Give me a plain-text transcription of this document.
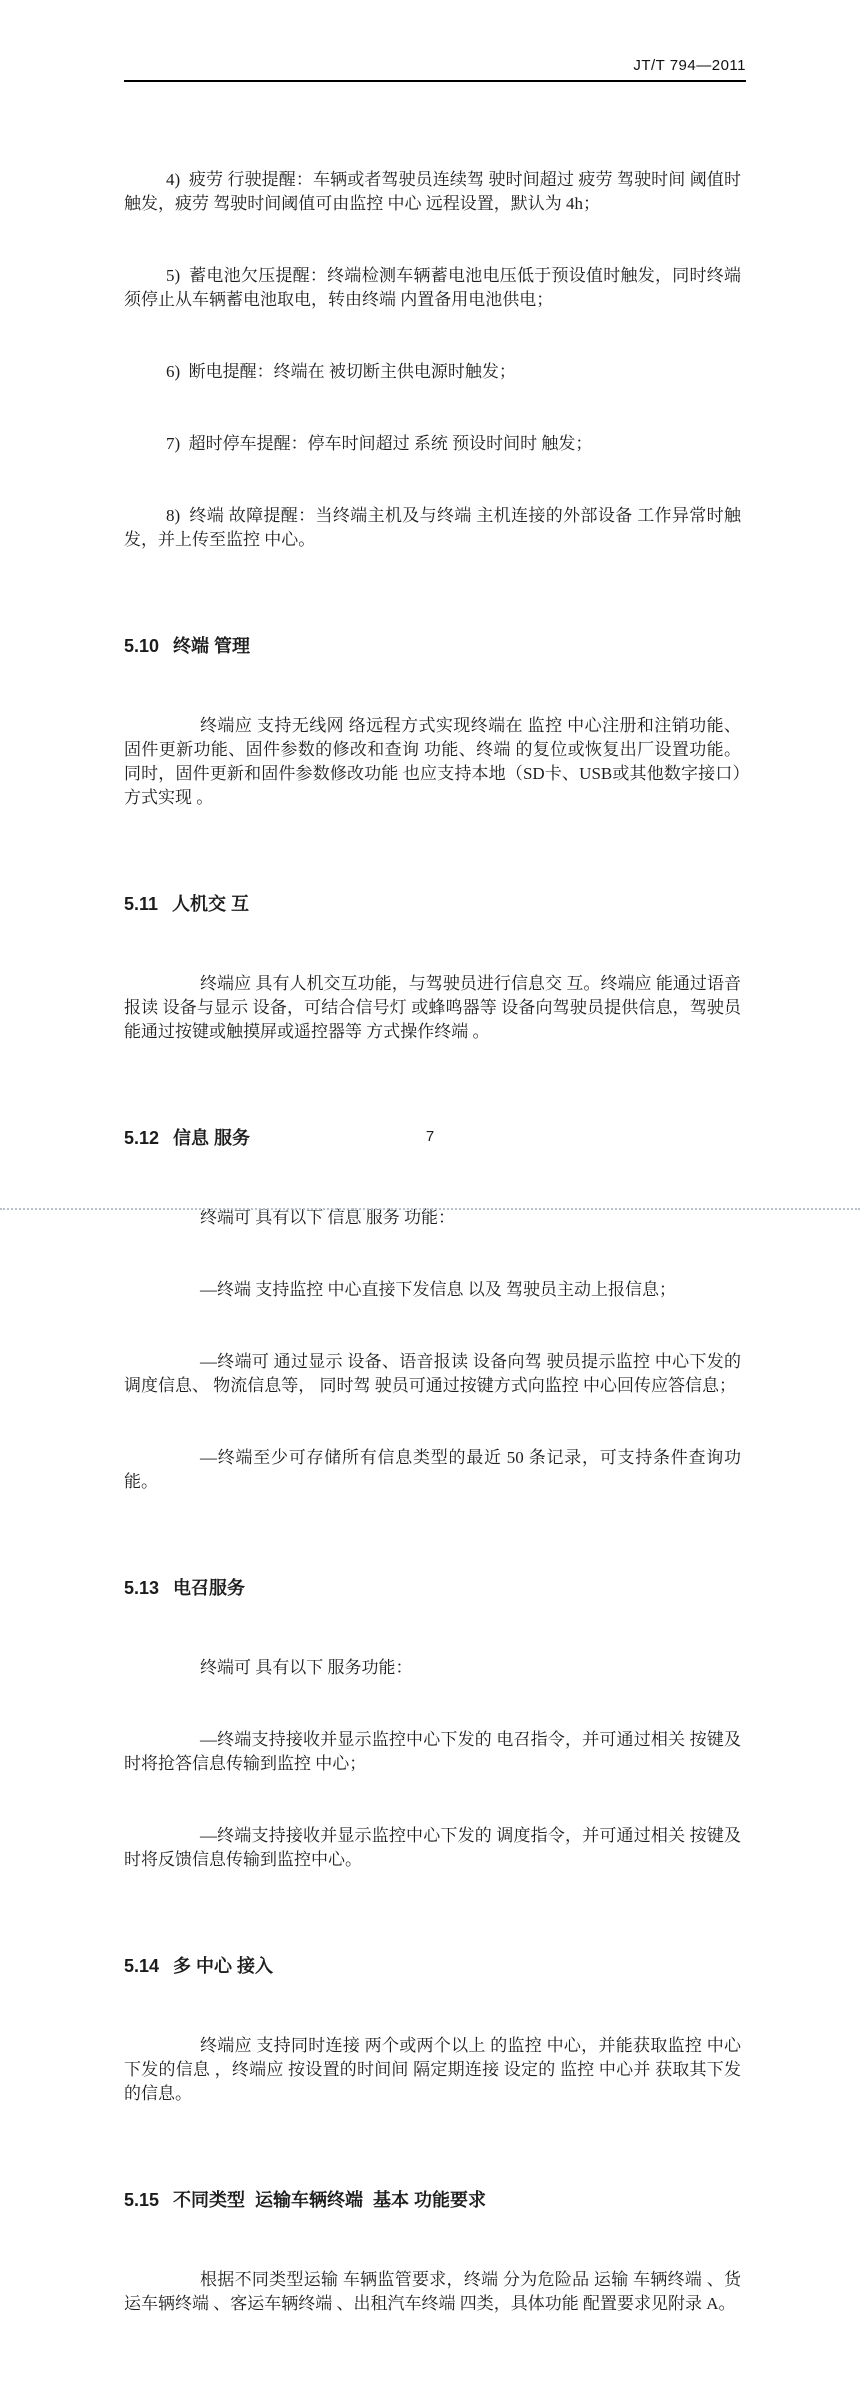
JT/T 794—2011

4)  疲劳 行驶提醒：车辆或者驾驶员连续驾 驶时间超过 疲劳 驾驶时间 阈值时触发，疲劳 驾驶时间阈值可由监控 中心 远程设置，默认为 4h；

5)  蓄电池欠压提醒：终端检测车辆蓄电池电压低于预设值时触发，同时终端须停止从车辆蓄电池取电，转由终端 内置备用电池供电；

6)  断电提醒：终端在 被切断主供电源时触发；

7)  超时停车提醒：停车时间超过 系统 预设时间时 触发；

8)  终端 故障提醒：当终端主机及与终端 主机连接的外部设备 工作异常时触发，并上传至监控 中心。

5.10 终端 管理

终端应 支持无线网 络远程方式实现终端在 监控 中心注册和注销功能、固件更新功能、固件参数的修改和查询 功能、终端 的复位或恢复出厂设置功能。同时，固件更新和固件参数修改功能 也应支持本地（SD卡、USB或其他数字接口）方式实现 。

5.11 人机交 互

终端应 具有人机交互功能，与驾驶员进行信息交 互。终端应 能通过语音报读 设备与显示 设备，可结合信号灯 或蜂鸣器等 设备向驾驶员提供信息，驾驶员能通过按键或触摸屏或遥控器等 方式操作终端 。

5.12 信息 服务

终端可 具有以下 信息 服务 功能：

—终端 支持监控 中心直接下发信息 以及 驾驶员主动上报信息；

—终端可 通过显示 设备、语音报读 设备向驾 驶员提示监控 中心下发的 调度信息、 物流信息等， 同时驾 驶员可通过按键方式向监控 中心回传应答信息；

—终端至少可存储所有信息类型的最近 50 条记录，可支持条件查询功 能。

5.13 电召服务

终端可 具有以下 服务功能：

—终端支持接收并显示监控中心下发的 电召指令，并可通过相关 按键及时将抢答信息传输到监控 中心；

—终端支持接收并显示监控中心下发的 调度指令，并可通过相关 按键及时将反馈信息传输到监控中心。

5.14 多 中心 接入

终端应 支持同时连接 两个或两个以上 的监控 中心，并能获取监控 中心下发的信息 ，终端应 按设置的时间间 隔定期连接 设定的 监控 中心并 获取其下发的信息。

5.15 不同类型  运输车辆终端  基本 功能要求

根据不同类型运输 车辆监管要求，终端 分为危险品 运输 车辆终端 、货运车辆终端 、客运车辆终端 、出租汽车终端 四类，具体功能 配置要求见附录 A。

7
